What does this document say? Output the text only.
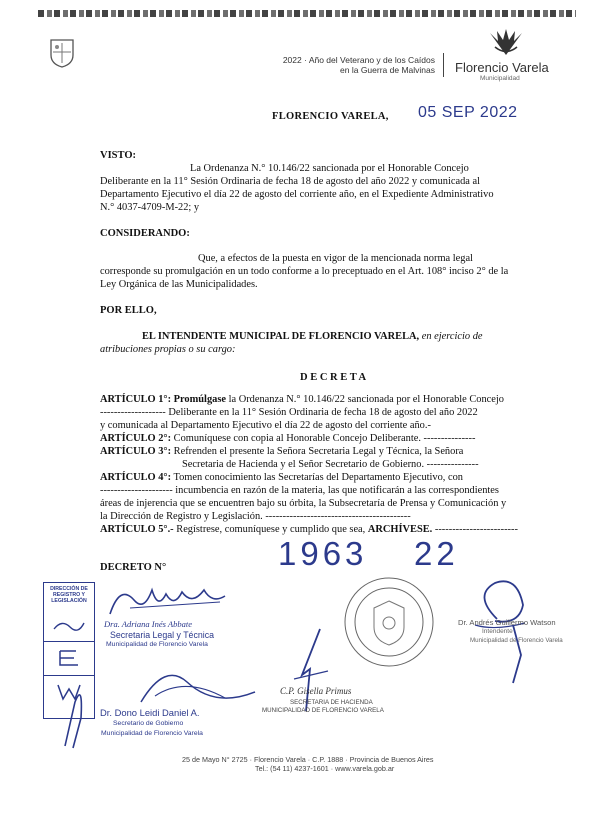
2022 · Año del Veterano y de los Caídos
en la Guerra de Malvinas Florencio Varela
Municipalidad
FLORENCIO VARELA, 05 SEP 2022
VISTO:
La Ordenanza N.° 10.146/22 sancionada por el Honorable Concejo
Deliberante en la 11° Sesión Ordinaria de fecha 18 de agosto del año 2022 y comunicada al
Departamento Ejecutivo el día 22 de agosto del corriente año, en el Expediente Administrativo
N.° 4037-4709-M-22; y
CONSIDERANDO:
Que, a efectos de la puesta en vigor de la mencionada norma legal
corresponde su promulgación en un todo conforme a lo preceptuado en el Art. 108° inciso 2° de la
Ley Orgánica de las Municipalidades.
POR ELLO,
EL INTENDENTE MUNICIPAL DE FLORENCIO VARELA, en ejercicio de
atribuciones propias o su cargo:
D E C R E T A
ARTÍCULO 1°: Promúlgase la Ordenanza N.° 10.146/22 sancionada por el Honorable Concejo
------------------- Deliberante en la 11° Sesión Ordinaria de fecha 18 de agosto del año 2022
y comunicada al Departamento Ejecutivo el día 22 de agosto del corriente año.-
ARTÍCULO 2°: Comuníquese con copia al Honorable Concejo Deliberante. ---------------
ARTÍCULO 3°: Refrenden el presente la Señora Secretaria Legal y Técnica, la Señora
Secretaria de Hacienda y el Señor Secretario de Gobierno. ---------------
ARTÍCULO 4°: Tomen conocimiento las Secretarías del Departamento Ejecutivo, con
--------------------- incumbencia en razón de la materia, las que notificarán a las correspondientes
áreas de injerencia que se encuentren bajo su órbita, la Subsecretaría de Prensa y Comunicación y
la Dirección de Registro y Legislación. ------------------------------------------
ARTÍCULO 5°.- Regístrese, comuníquese y cumplido que sea, ARCHÍVESE. ------------------------
DECRETO N°	1963 22
DIRECCIÓN DE
REGISTRO Y
LEGISLACIÓN
Dra. Adriana Inés Abbate
Secretaria Legal y Técnica
Municipalidad de Florencio Varela
Dr. Andrés Guillermo Watson
Intendente
Municipalidad de Florencio Varela
C.P. Gisella Primus
SECRETARIA DE HACIENDA
MUNICIPALIDAD DE FLORENCIO VARELA
Dr. Dono Leidi Daniel A.
Secretario de Gobierno
Municipalidad de Florencio Varela
25 de Mayo N° 2725 · Florencio Varela · C.P. 1888 · Provincia de Buenos Aires
Tel.: (54 11) 4237-1601 · www.varela.gob.ar
